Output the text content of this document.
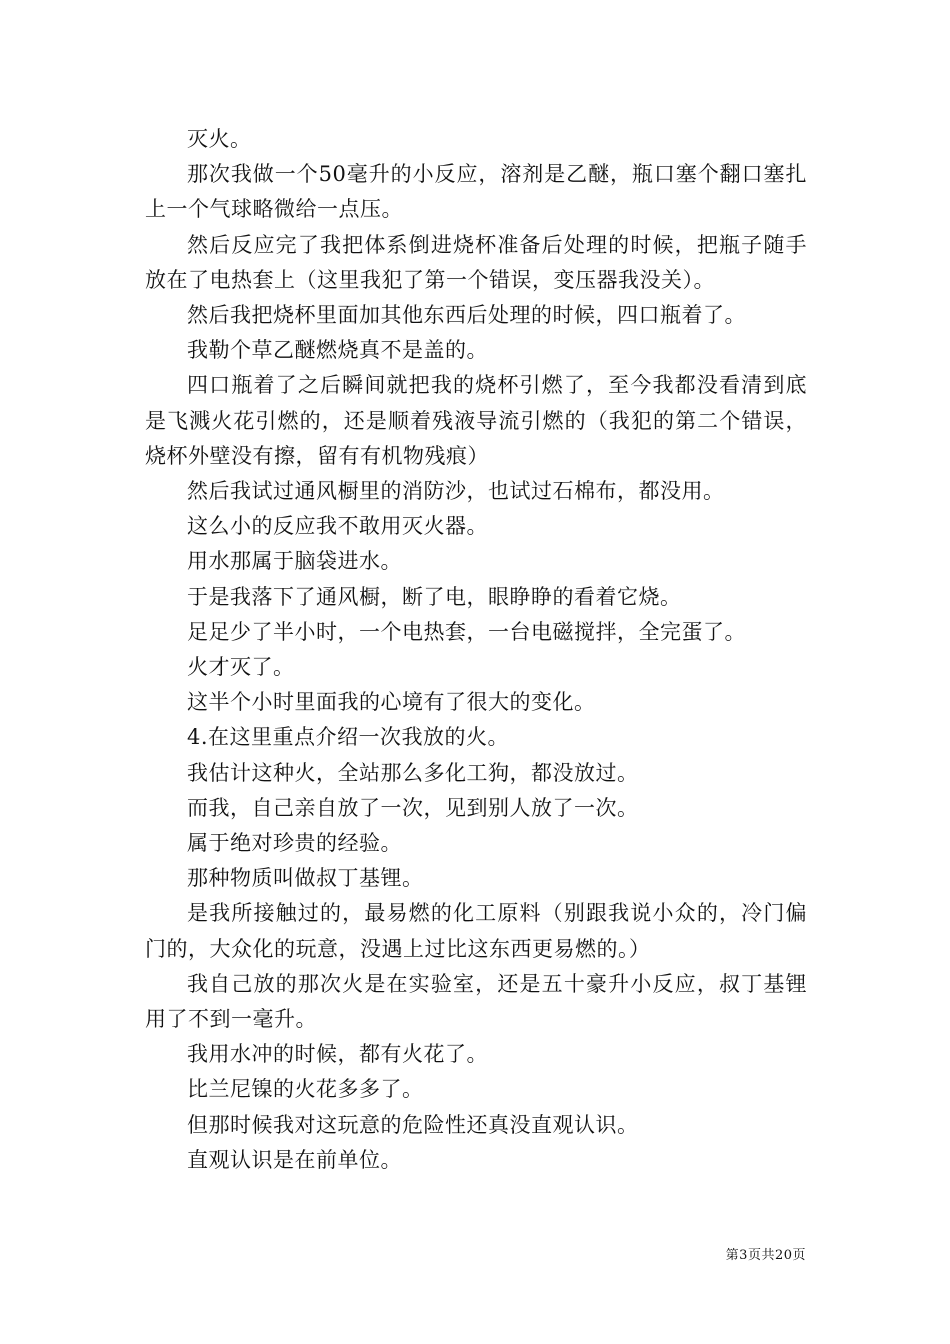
灭火。

那次我做一个50毫升的小反应，溶剂是乙醚，瓶口塞个翻口塞扎上一个气球略微给一点压。

然后反应完了我把体系倒进烧杯准备后处理的时候，把瓶子随手放在了电热套上（这里我犯了第一个错误，变压器我没关）。

然后我把烧杯里面加其他东西后处理的时候，四口瓶着了。

我勒个草乙醚燃烧真不是盖的。

四口瓶着了之后瞬间就把我的烧杯引燃了，至今我都没看清到底是飞溅火花引燃的，还是顺着残液导流引燃的（我犯的第二个错误，烧杯外壁没有擦，留有有机物残痕）

然后我试过通风橱里的消防沙，也试过石棉布，都没用。

这么小的反应我不敢用灭火器。

用水那属于脑袋进水。

于是我落下了通风橱，断了电，眼睁睁的看着它烧。

足足少了半小时，一个电热套，一台电磁搅拌，全完蛋了。

火才灭了。

这半个小时里面我的心境有了很大的变化。

4.在这里重点介绍一次我放的火。

我估计这种火，全站那么多化工狗，都没放过。

而我，自己亲自放了一次，见到别人放了一次。

属于绝对珍贵的经验。

那种物质叫做叔丁基锂。

是我所接触过的，最易燃的化工原料（别跟我说小众的，冷门偏门的，大众化的玩意，没遇上过比这东西更易燃的。）

我自己放的那次火是在实验室，还是五十豪升小反应，叔丁基锂用了不到一毫升。

我用水冲的时候，都有火花了。

比兰尼镍的火花多多了。

但那时候我对这玩意的危险性还真没直观认识。

直观认识是在前单位。

第3页共20页
